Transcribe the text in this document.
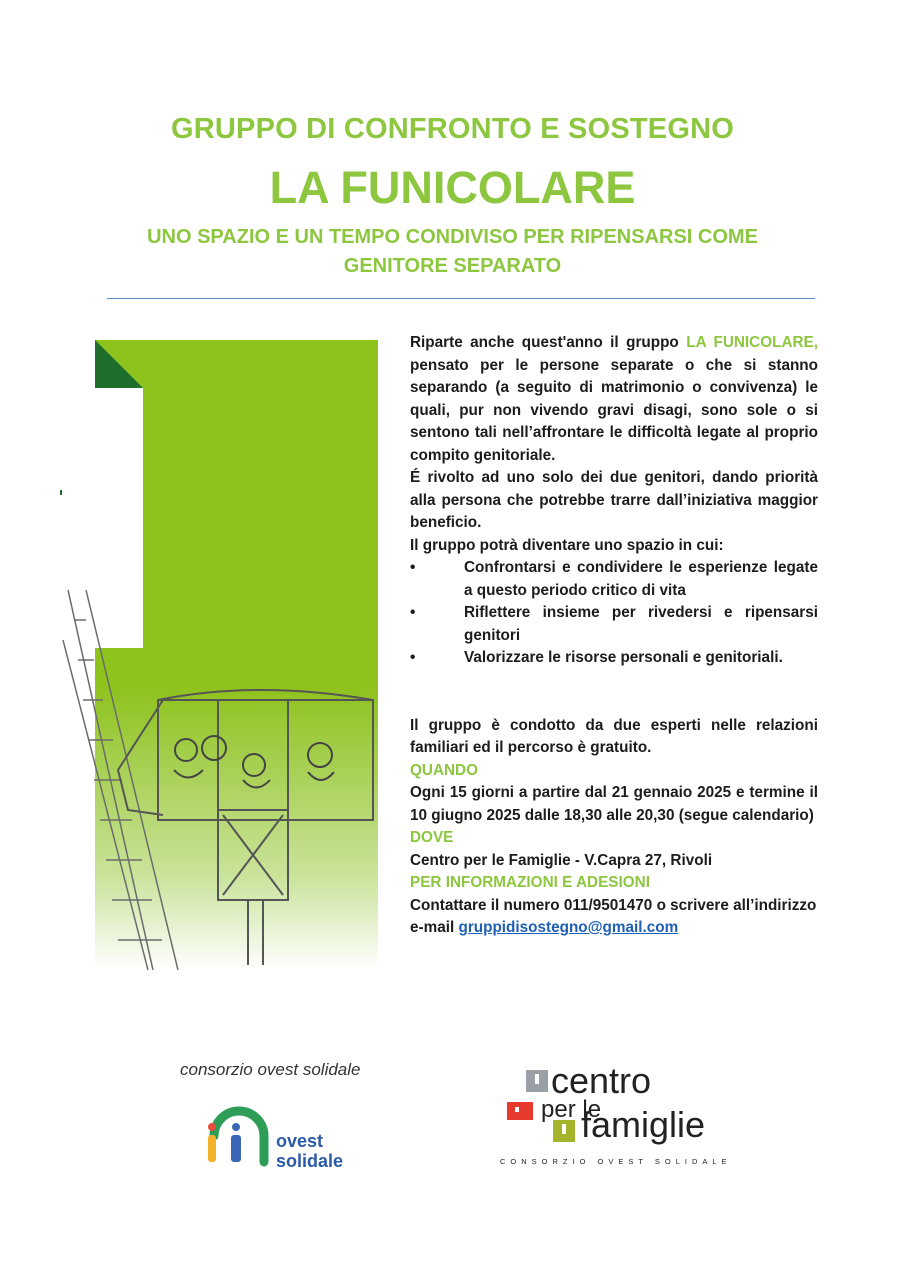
GRUPPO DI CONFRONTO E SOSTEGNO
LA FUNICOLARE
UNO SPAZIO E UN TEMPO CONDIVISO PER RIPENSARSI COME
GENITORE SEPARATO

Riparte anche quest'anno il gruppo LA FUNICOLARE, pensato per le persone separate o che si stanno separando (a seguito di matrimonio o convivenza) le quali, pur non vivendo gravi disagi, sono sole o si sentono tali nell’affrontare le difficoltà legate al proprio compito genitoriale.

É rivolto ad uno solo dei due genitori, dando priorità alla persona che potrebbe trarre dall’iniziativa maggior beneficio.

Il gruppo potrà diventare uno spazio in cui:

•	Confrontarsi e condividere le esperienze legate a questo periodo critico di vita
•	Riflettere insieme per rivedersi e ripensarsi genitori
•	Valorizzare le risorse personali e genitoriali.

Il gruppo è condotto da due esperti nelle relazioni familiari ed il percorso è gratuito.

QUANDO

Ogni 15 giorni a partire dal 21 gennaio 2025 e termine il 10 giugno 2025 dalle 18,30 alle 20,30 (segue calendario)

DOVE

Centro per le Famiglie - V.Capra 27, Rivoli

PER INFORMAZIONI E ADESIONI

Contattare il numero 011/9501470 o scrivere all’indirizzo

e-mail gruppidisostegno@gmail.com

consorzio ovest solidale
ovest
solidale
centro
per le
famiglie
CONSORZIO OVEST SOLIDALE
